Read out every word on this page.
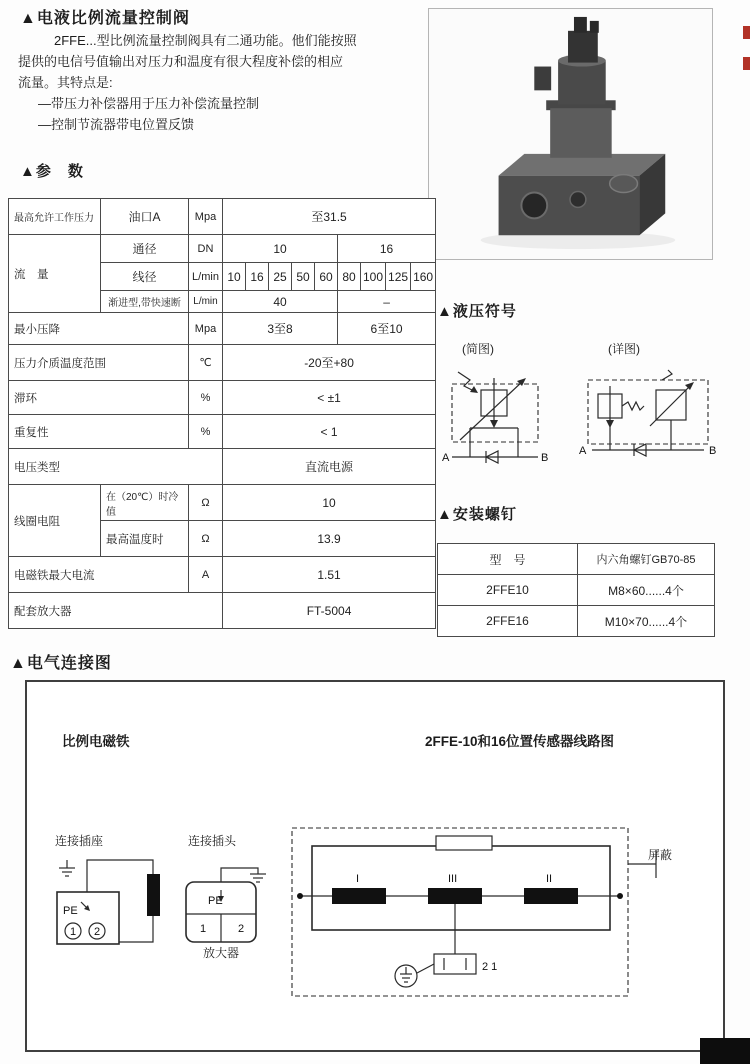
▲电液比例流量控制阀
2FFE...型比例流量控制阀具有二通功能。他们能按照
提供的电信号值输出对压力和温度有很大程度补偿的相应
流量。其特点是:
—带压力补偿器用于压力补偿流量控制
—控制节流器带电位置反馈
▲参　数
最高允许工作压力	油口A	Mpa	至31.5								
流　量	通径	DN	10					16			
	线径	L/min	10	16	25	50	60	80	100	125	160
	渐进型,带快速断	L/min	40					–			
最小压降		Mpa	3至8					6至10			
压力介质温度范围		℃	-20至+80								
滞环		%	< ±1								
重复性		%	< 1								
电压类型			直流电源								
线圈电阻	在（20℃）时冷值	Ω	10								
	最高温度时	Ω	13.9								
电磁铁最大电流		A	1.51								
配套放大器			FT-5004								
▲液压符号
(简图)	(详图)
A	B
A	B
▲安装螺钉
型　号	内六角螺钉GB70-85
2FFE10	M8×60......4个
2FFE16	M10×70......4个
▲电气连接图
比例电磁铁	2FFE-10和16位置传感器线路图
连接插座	连接插头
放大器
屏蔽
PE
1 2
PE
1	2
I	III	II
2 1
